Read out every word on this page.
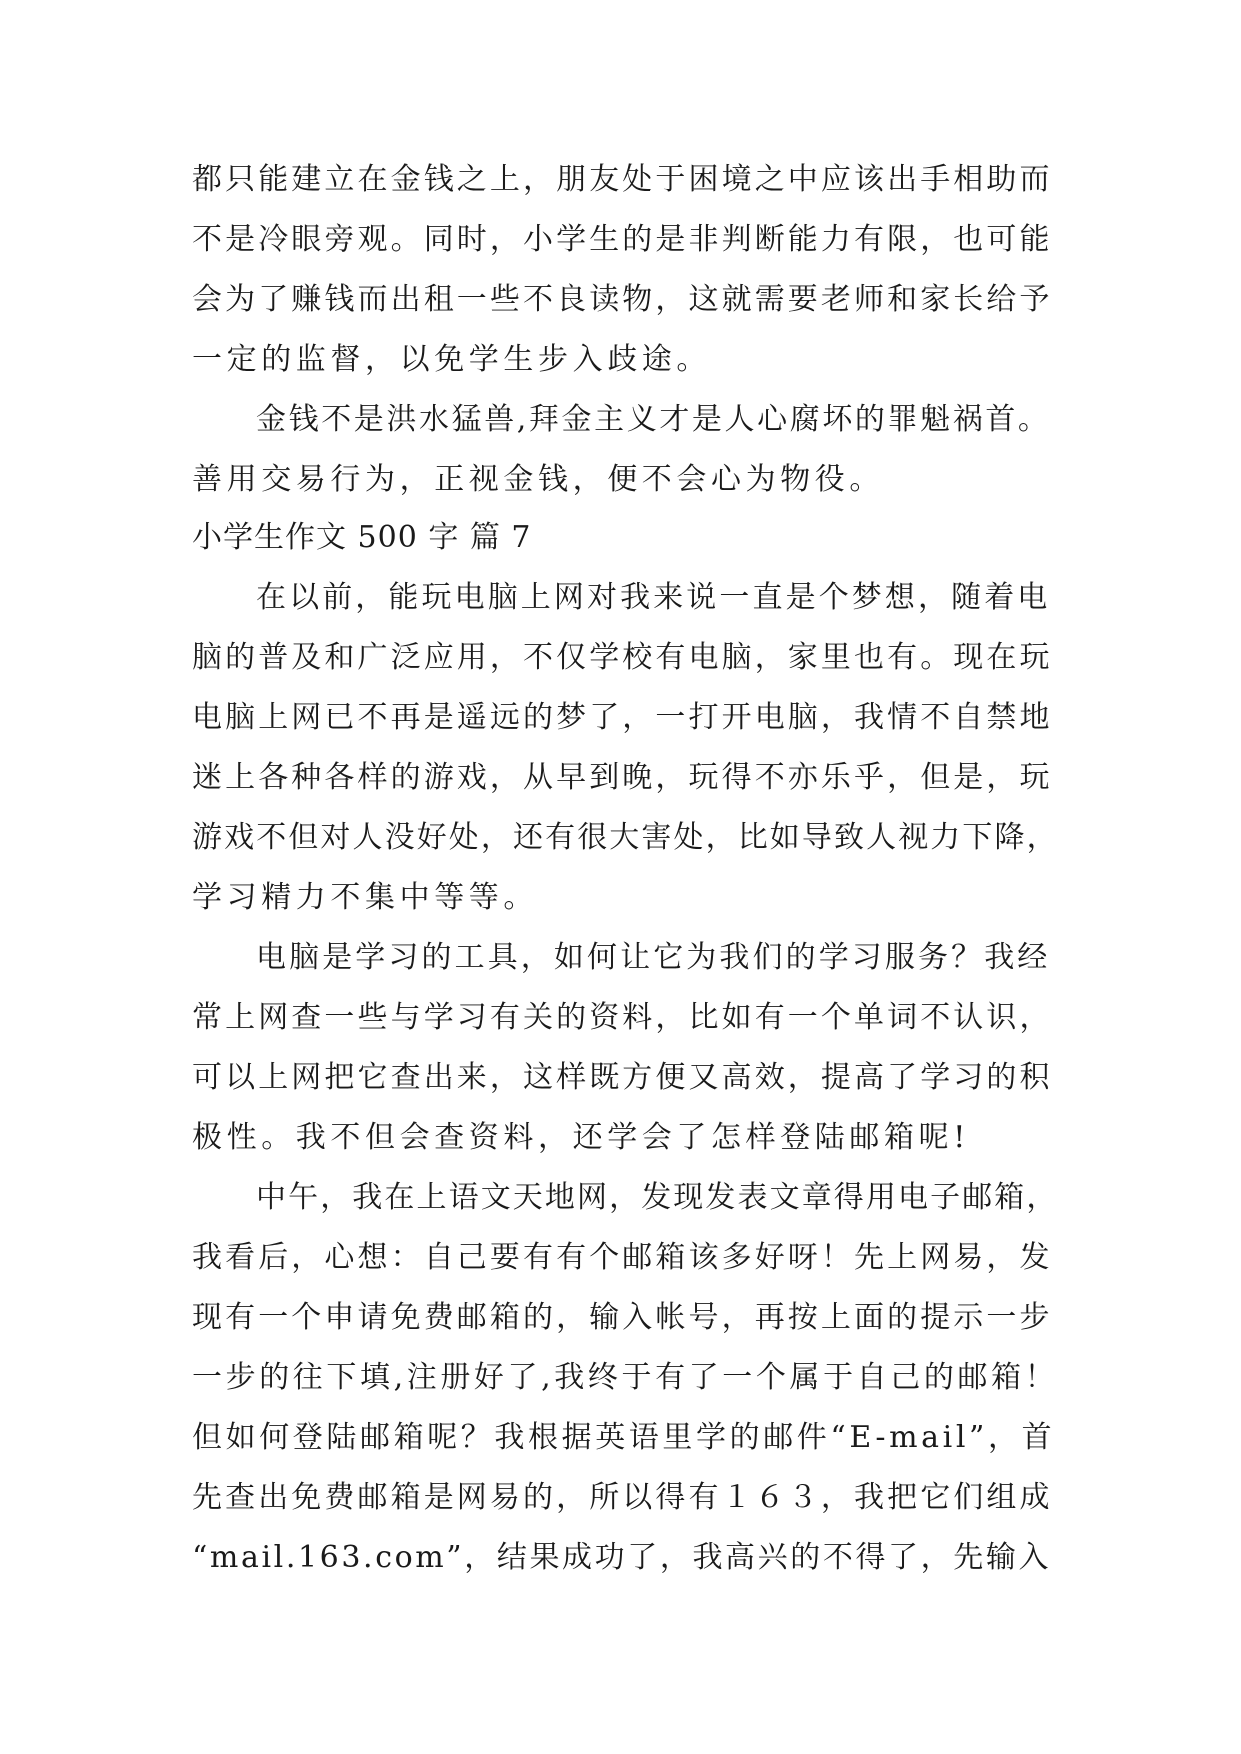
都只能建立在金钱之上，朋友处于困境之中应该出手相助而
不是冷眼旁观。同时，小学生的是非判断能力有限，也可能
会为了赚钱而出租一些不良读物，这就需要老师和家长给予
一定的监督，以免学生步入歧途。
金钱不是洪水猛兽,拜金主义才是人心腐坏的罪魁祸首。
善用交易行为，正视金钱，便不会心为物役。
小学生作文 500 字 篇 7
在以前，能玩电脑上网对我来说一直是个梦想，随着电
脑的普及和广泛应用，不仅学校有电脑，家里也有。现在玩
电脑上网已不再是遥远的梦了，一打开电脑，我情不自禁地
迷上各种各样的游戏，从早到晚，玩得不亦乐乎，但是，玩
游戏不但对人没好处，还有很大害处，比如导致人视力下降，
学习精力不集中等等。
电脑是学习的工具，如何让它为我们的学习服务？我经
常上网查一些与学习有关的资料，比如有一个单词不认识，
可以上网把它查出来，这样既方便又高效，提高了学习的积
极性。我不但会查资料，还学会了怎样登陆邮箱呢!
中午，我在上语文天地网，发现发表文章得用电子邮箱，
我看后，心想：自己要有有个邮箱该多好呀！先上网易，发
现有一个申请免费邮箱的，输入帐号，再按上面的提示一步
一步的往下填,注册好了,我终于有了一个属于自己的邮箱！
但如何登陆邮箱呢？我根据英语里学的邮件“E-mail”，首
先查出免费邮箱是网易的，所以得有１６３，我把它们组成
“mail.163.com”，结果成功了，我高兴的不得了，先输入
